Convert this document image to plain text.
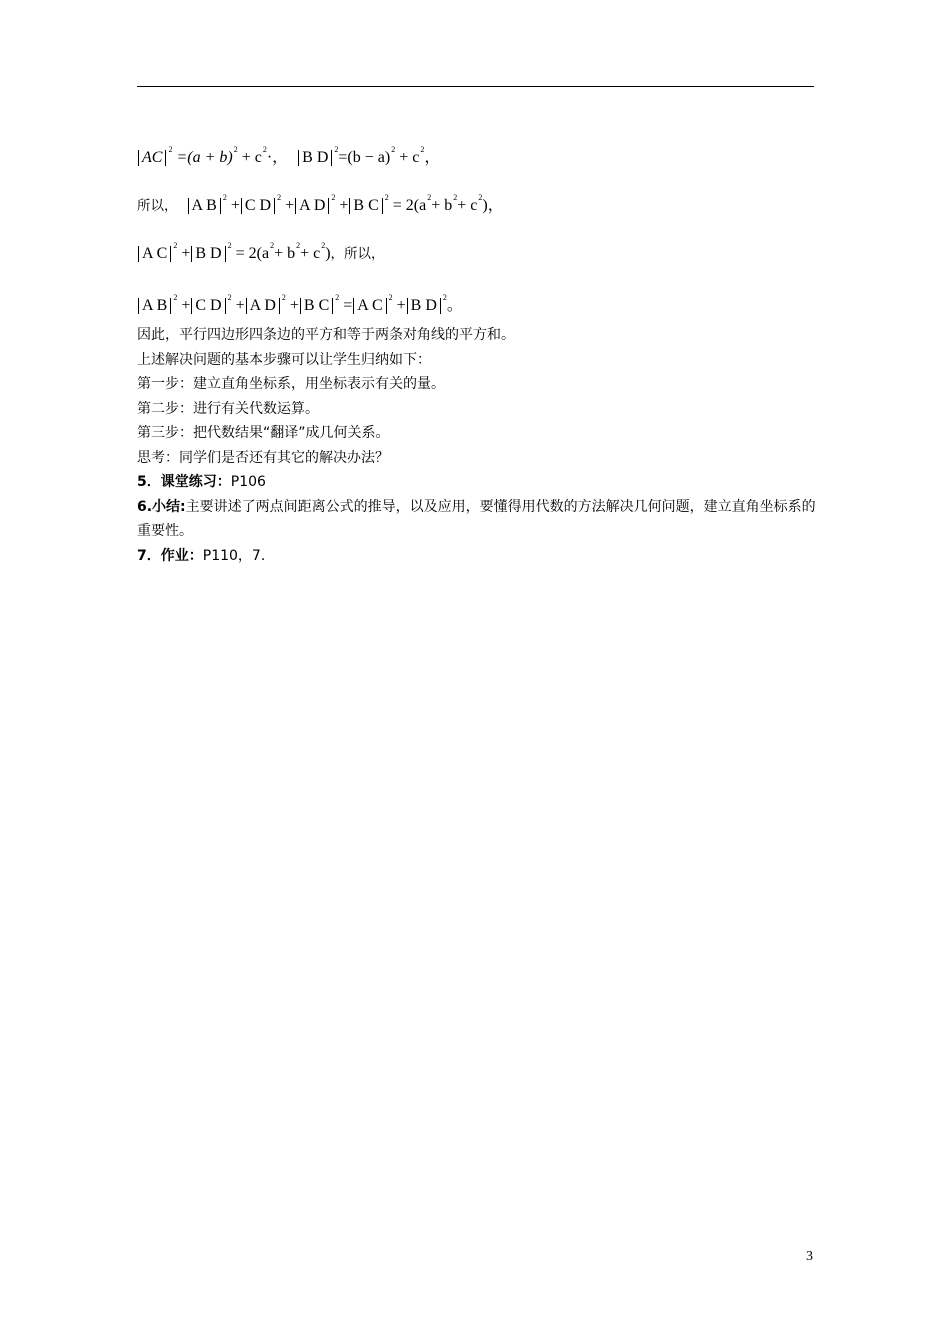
AC $^2 =(a + b)^2 + c^2\cdot$， B D $^2=(b - a)^2 + c^2$，
所以， A B $^2$ + C D $^2$ + A D $^2$ + B C $^2 = 2(a^2+ b^2+ c^2)$，
A C $^2$ + B D $^2 = 2(a^2+ b^2+ c^2)$，所以，
A B $^2$ + C D $^2$ + A D $^2$ + B C $^2$ = A C $^2$ + B D $^2$。
因此，平行四边形四条边的平方和等于两条对角线的平方和。
上述解决问题的基本步骤可以让学生归纳如下：
第一步：建立直角坐标系，用坐标表示有关的量。
第二步：进行有关代数运算。
第三步：把代数结果“翻译”成几何关系。
思考：同学们是否还有其它的解决办法？
5．课堂练习：P106
6.小结:主要讲述了两点间距离公式的推导，以及应用，要懂得用代数的方法解决几何问题，建立直角坐标系的重要性。
7．作业：P110，7.
3
